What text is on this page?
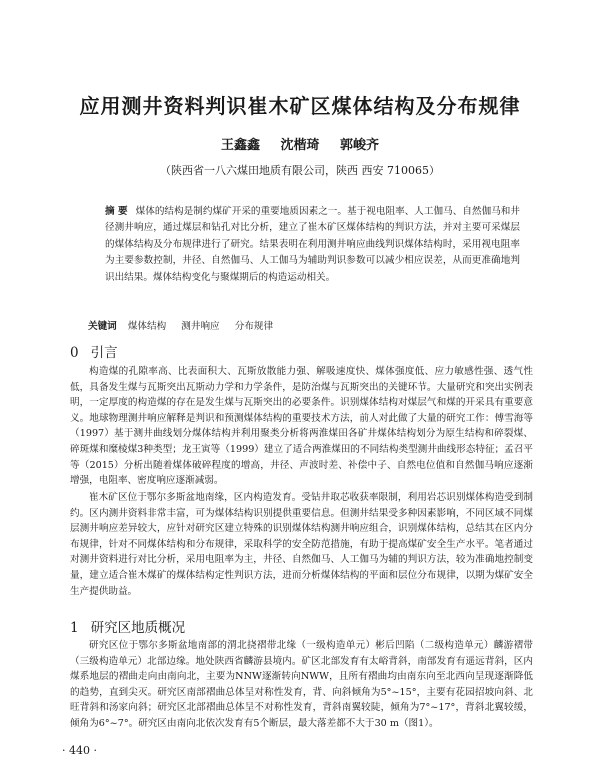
应用测井资料判识崔木矿区煤体结构及分布规律
王鑫鑫 沈楷琦 郭峻齐
（陕西省一八六煤田地质有限公司，陕西 西安 710065）
摘 要 煤体的结构是制约煤矿开采的重要地质因素之一。基于视电阻率、人工伽马、自然伽马和井径测井响应，通过煤层和钻孔对比分析，建立了崔木矿区煤体结构的判识方法，并对主要可采煤层的煤体结构及分布规律进行了研究。结果表明在利用测井响应曲线判识煤体结构时，采用视电阻率为主要参数控制，井径、自然伽马、人工伽马为辅助判识参数可以减少相应误差，从而更准确地判识出结果。煤体结构变化与聚煤期后的构造运动相关。
关键词 煤体结构 测井响应 分布规律
0 引言
构造煤的孔隙率高、比表面积大、瓦斯放散能力强、解吸速度快、煤体强度低、应力敏感性强、透气性低，具备发生煤与瓦斯突出瓦斯动力学和力学条件，是防治煤与瓦斯突出的关键环节。大量研究和突出实例表明，一定厚度的构造煤的存在是发生煤与瓦斯突出的必要条件。识别煤体结构对煤层气和煤的开采具有重要意义。地球物理测井响应解释是判识和预测煤体结构的重要技术方法，前人对此做了大量的研究工作：傅雪海等（1997）基于测井曲线划分煤体结构并利用聚类分析将两淮煤田各矿井煤体结构划分为原生结构和碎裂煤、碎斑煤和糜棱煤3种类型；龙王寅等（1999）建立了适合两淮煤田的不同结构类型测井曲线形态特征；孟召平等（2015）分析出随着煤体破碎程度的增高，井径、声波时差、补偿中子、自然电位值和自然伽马响应逐渐增强，电阻率、密度响应逐渐减弱。
崔木矿区位于鄂尔多斯盆地南缘，区内构造发育。受钻井取芯收获率限制，利用岩芯识别煤体构造受到制约。区内测井资料非常丰富，可为煤体结构识别提供重要信息。但测井结果受多种因素影响，不同区域不同煤层测井响应差异较大，应针对研究区建立特殊的识别煤体结构测井响应组合，识别煤体结构，总结其在区内分布规律，针对不同煤体结构和分布规律，采取科学的安全防范措施，有助于提高煤矿安全生产水平。笔者通过对测井资料进行对比分析，采用电阻率为主，井径、自然伽马、人工伽马为辅的判识方法，较为准确地控制变量，建立适合崔木煤矿的煤体结构定性判识方法，进而分析煤体结构的平面和层位分布规律，以期为煤矿安全生产提供助益。
1 研究区地质概况
研究区位于鄂尔多斯盆地南部的渭北挠褶带北缘（一级构造单元）彬后凹陷（二级构造单元）麟游褶带（三级构造单元）北部边缘。地处陕西省麟游县境内。矿区北部发育有太峪背斜，南部发育有遥远背斜，区内煤系地层的褶曲走向由南向北，主要为NNW逐渐转向NWW，且所有褶曲均由南东向至北西向呈现逐渐降低的趋势，直到尖灭。研究区南部褶曲总体呈对称性发育，背、向斜倾角为5°~15°，主要有花园招坡向斜、北旺背斜和汤家向斜；研究区北部褶曲总体呈不对称性发育，背斜南翼较陡，倾角为7°~17°，背斜北翼较缓，倾角为6°~7°。研究区由南向北依次发育有5个断层，最大落差都不大于30 m（图1）。
· 440 ·
